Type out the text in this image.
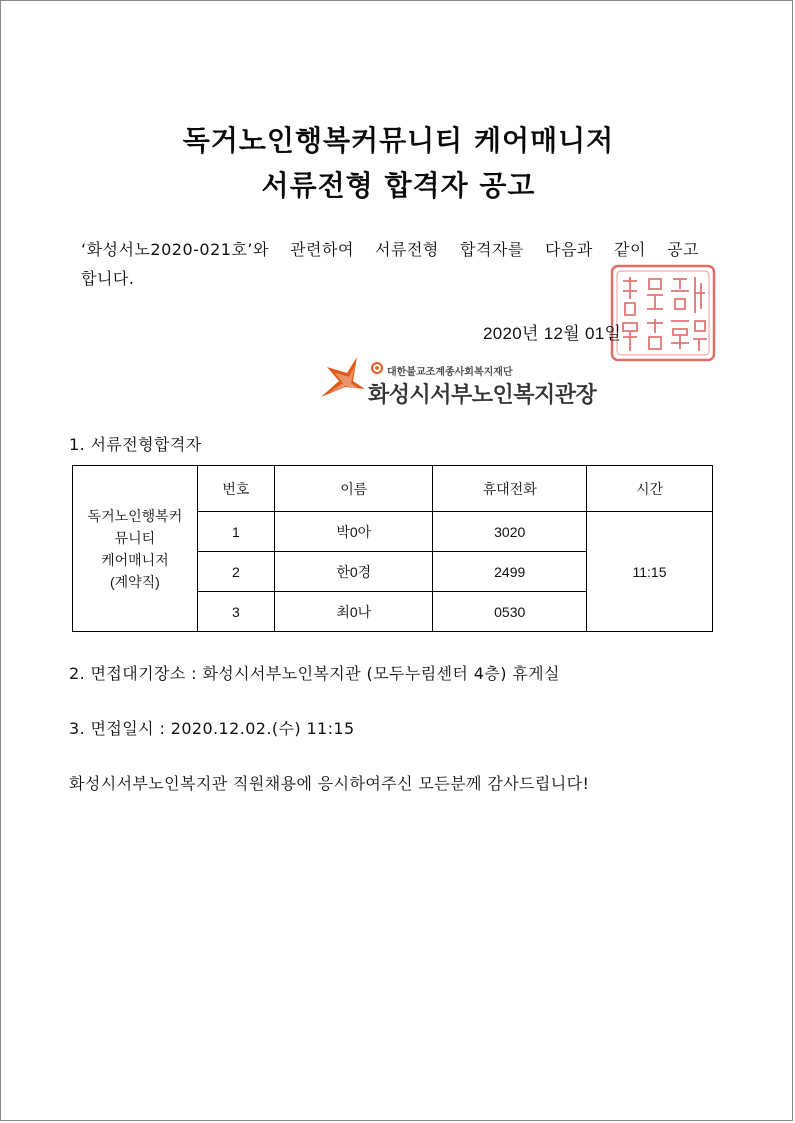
독거노인행복커뮤니티 케어매니저
서류전형 합격자 공고
‘화성서노2020-021호’와 관련하여 서류전형 합격자를 다음과 같이 공고
합니다.
2020년 12월 01일
대한불교조계종사회복지재단
화성시서부노인복지관장
1. 서류전형합격자
독거노인행복커
뮤니티
케어매니저
(계약직)	번호	이름	휴대전화	시간
	1	박0아	3020	11:15
	2	한0경	2499	
	3	최0나	0530	
2. 면접대기장소 : 화성시서부노인복지관 (모두누림센터 4층) 휴게실
3. 면접일시 : 2020.12.02.(수) 11:15
화성시서부노인복지관 직원채용에 응시하여주신 모든분께 감사드립니다!
